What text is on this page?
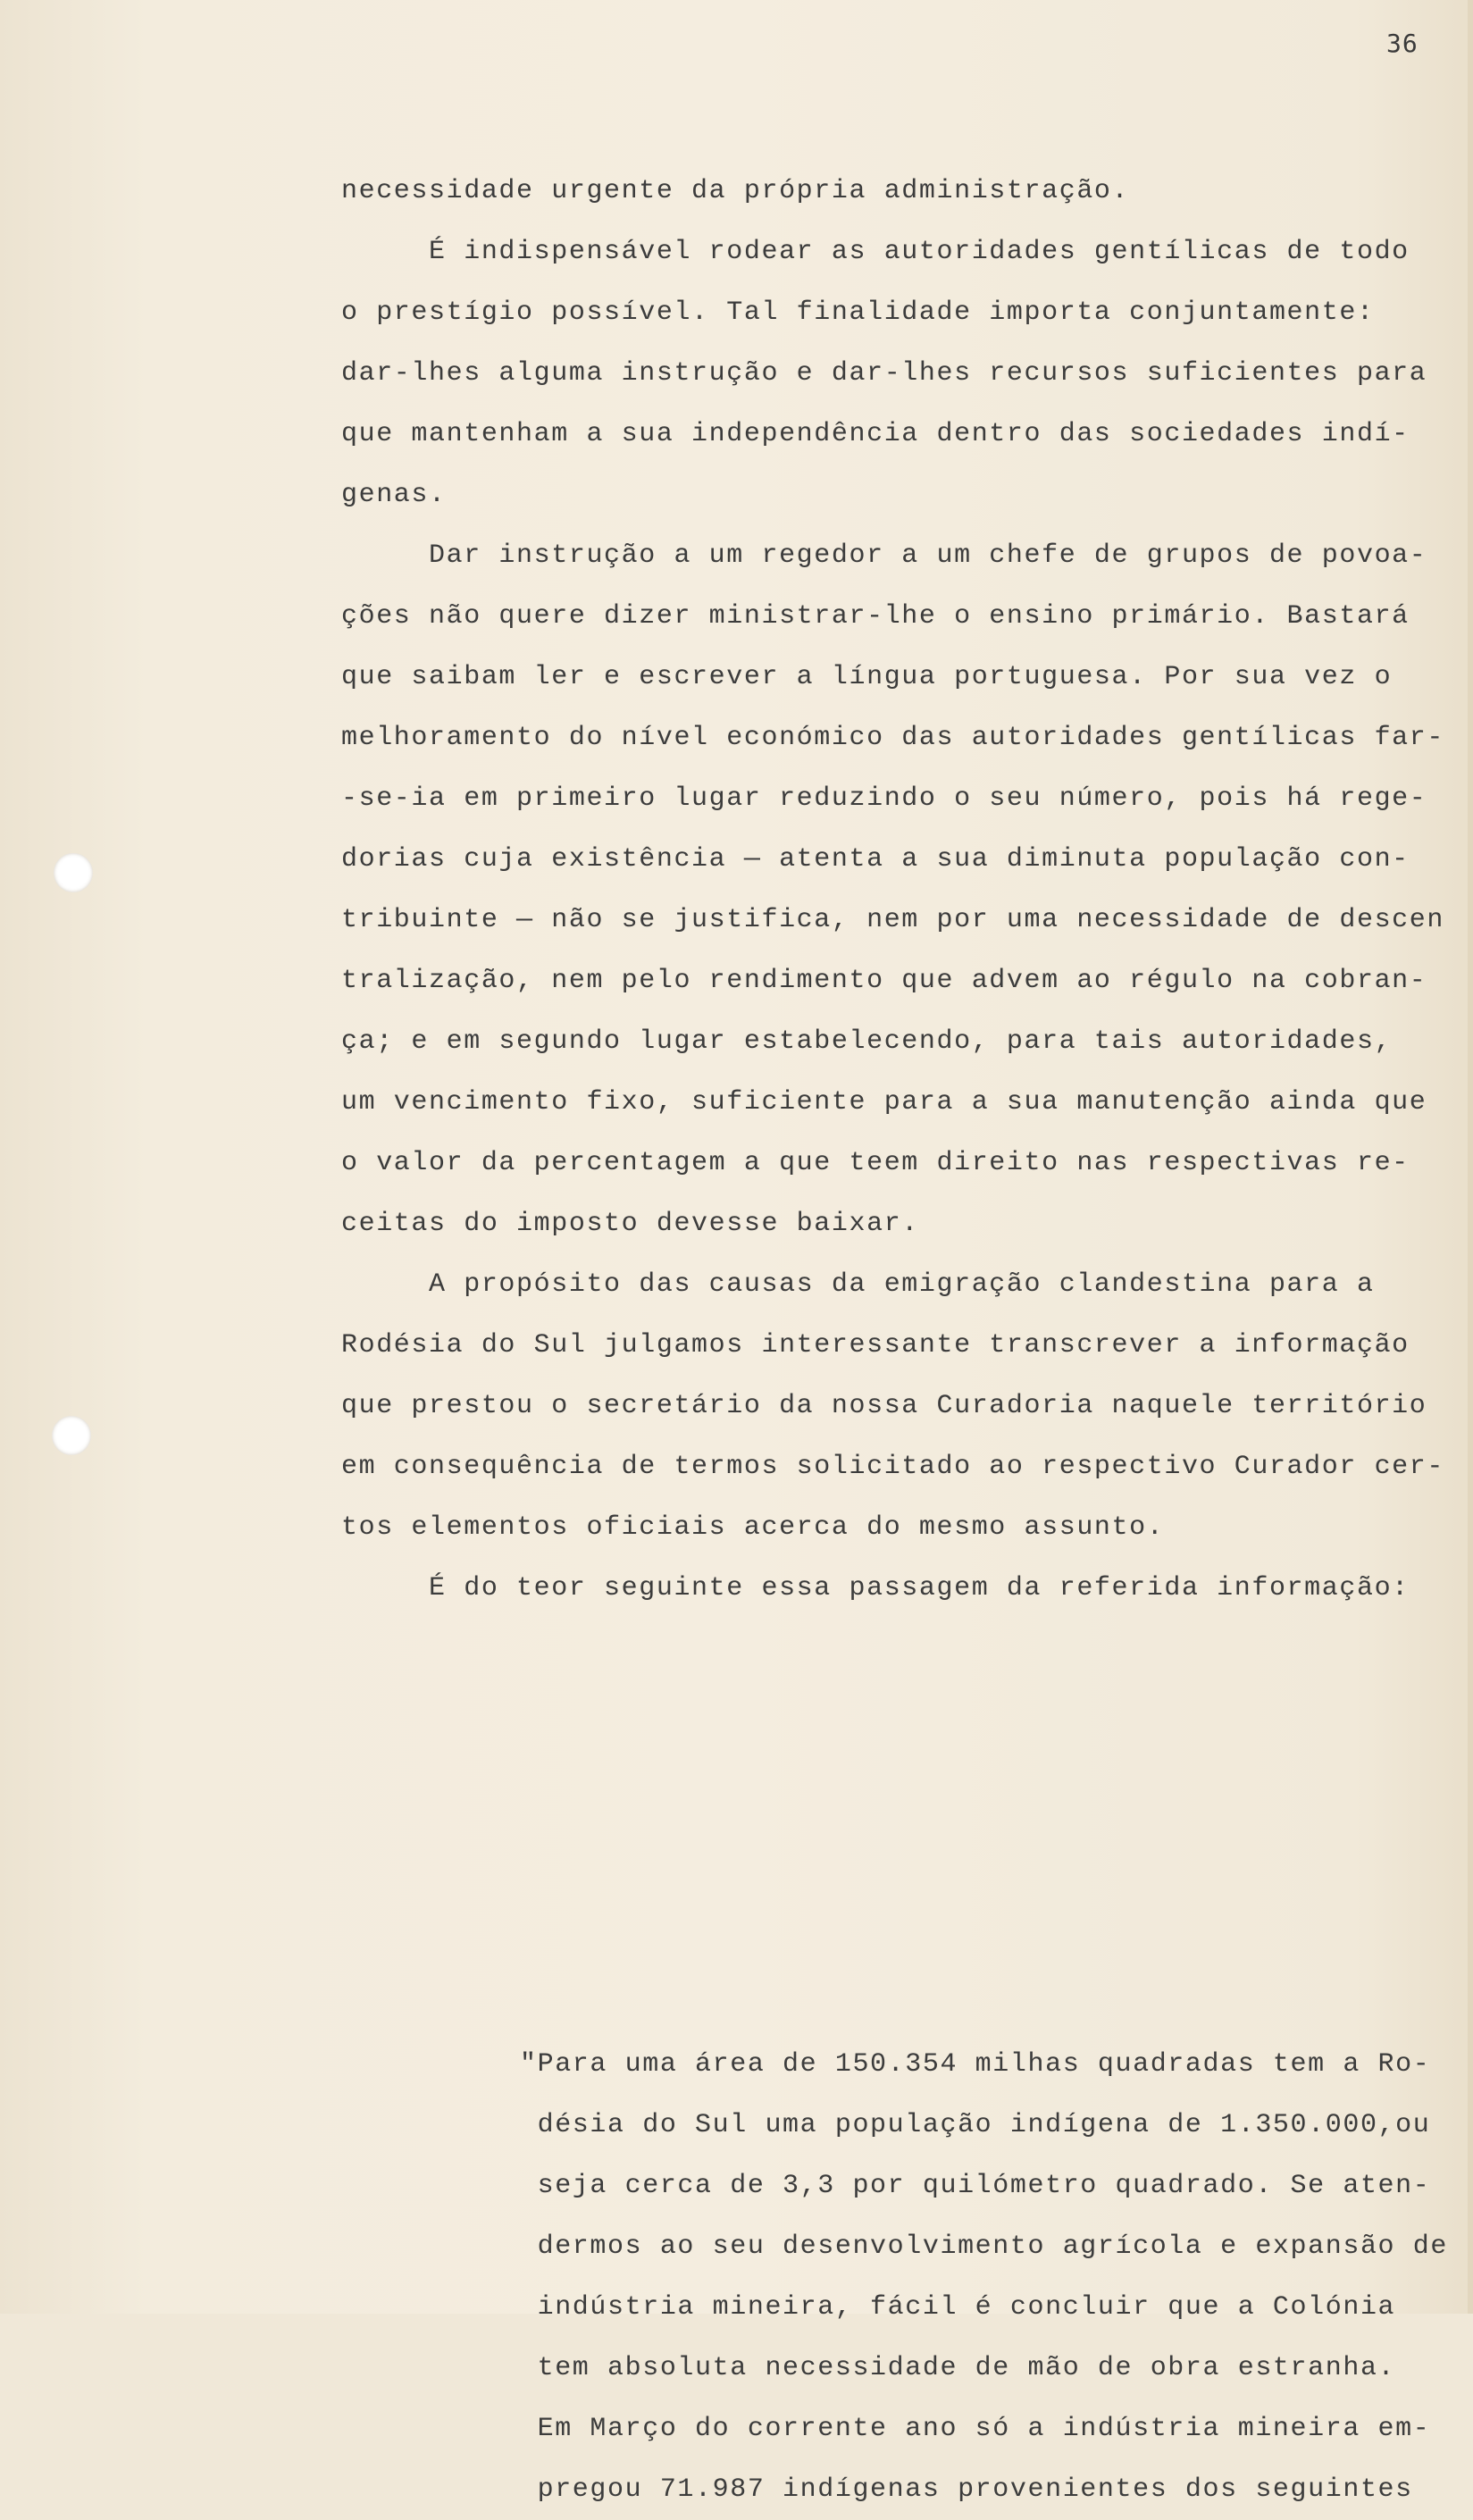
36
necessidade urgente da própria administração.
É indispensável rodear as autoridades gentílicas de todo
o prestígio possível. Tal finalidade importa conjuntamente:
dar-lhes alguma instrução e dar-lhes recursos suficientes para
que mantenham a sua independência dentro das sociedades indí-
genas.
Dar instrução a um regedor a um chefe de grupos de povoa-
ções não quere dizer ministrar-lhe o ensino primário. Bastará
que saibam ler e escrever a língua portuguesa. Por sua vez o
melhoramento do nível económico das autoridades gentílicas far-
-se-ia em primeiro lugar reduzindo o seu número, pois há rege-
dorias cuja existência — atenta a sua diminuta população con-
tribuinte — não se justifica, nem por uma necessidade de descen
tralização, nem pelo rendimento que advem ao régulo na cobran-
ça; e em segundo lugar estabelecendo, para tais autoridades,
um vencimento fixo, suficiente para a sua manutenção ainda que
o valor da percentagem a que teem direito nas respectivas re-
ceitas do imposto devesse baixar.
A propósito das causas da emigração clandestina para a
Rodésia do Sul julgamos interessante transcrever a informação
que prestou o secretário da nossa Curadoria naquele território
em consequência de termos solicitado ao respectivo Curador cer-
tos elementos oficiais acerca do mesmo assunto.
É do teor seguinte essa passagem da referida informação:
"Para uma área de 150.354 milhas quadradas tem a Ro-
désia do Sul uma população indígena de 1.350.000,ou
seja cerca de 3,3 por quilómetro quadrado. Se aten-
dermos ao seu desenvolvimento agrícola e expansão de
indústria mineira, fácil é concluir que a Colónia
tem absoluta necessidade de mão de obra estranha.
Em Março do corrente ano só a indústria mineira em-
pregou 71.987 indígenas provenientes dos seguintes
